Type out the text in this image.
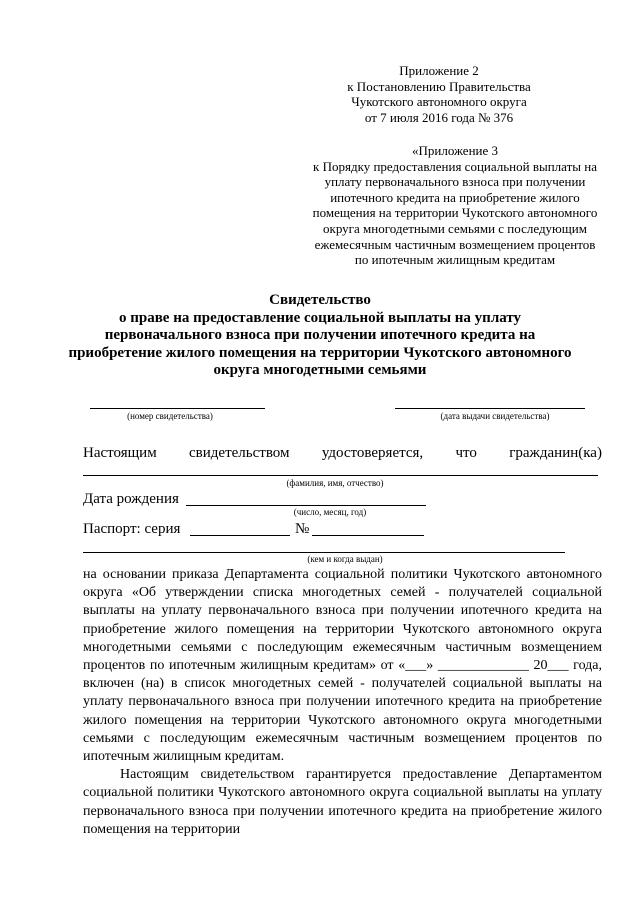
Приложение 2
к Постановлению Правительства
Чукотского автономного округа
от 7 июля 2016 года № 376
«Приложение 3
к Порядку предоставления социальной выплаты на
уплату первоначального взноса при получении
ипотечного кредита на приобретение жилого
помещения на территории Чукотского автономного
округа многодетными семьями с последующим
ежемесячным частичным возмещением процентов
по ипотечным жилищным кредитам
Свидетельство
о праве на предоставление социальной выплаты на уплату
первоначального взноса при получении ипотечного кредита на
приобретение жилого помещения на территории Чукотского автономного
округа многодетными семьями
(номер свидетельства)	(дата выдачи свидетельства)
Настоящим свидетельством удостоверяется, что гражданин(ка)
(фамилия, имя, отчество)
Дата рождения
(число, месяц, год)
Паспорт: серия	№
(кем и когда выдан)

на основании приказа Департамента социальной политики Чукотского автономного округа «Об утверждении списка многодетных семей - получателей социальной выплаты на уплату первоначального взноса при получении ипотечного кредита на приобретение жилого помещения на территории Чукотского автономного округа многодетными семьями с последующим ежемесячным частичным возмещением процентов по ипотечным жилищным кредитам» от «___» _____________ 20___ года, включен (на) в список многодетных семей - получателей социальной выплаты на уплату первоначального взноса при получении ипотечного кредита на приобретение жилого помещения на территории Чукотского автономного округа многодетными семьями с последующим ежемесячным частичным возмещением процентов по ипотечным жилищным кредитам.

Настоящим свидетельством гарантируется предоставление Департаментом социальной политики Чукотского автономного округа социальной выплаты на уплату первоначального взноса при получении ипотечного кредита на приобретение жилого помещения на территории
